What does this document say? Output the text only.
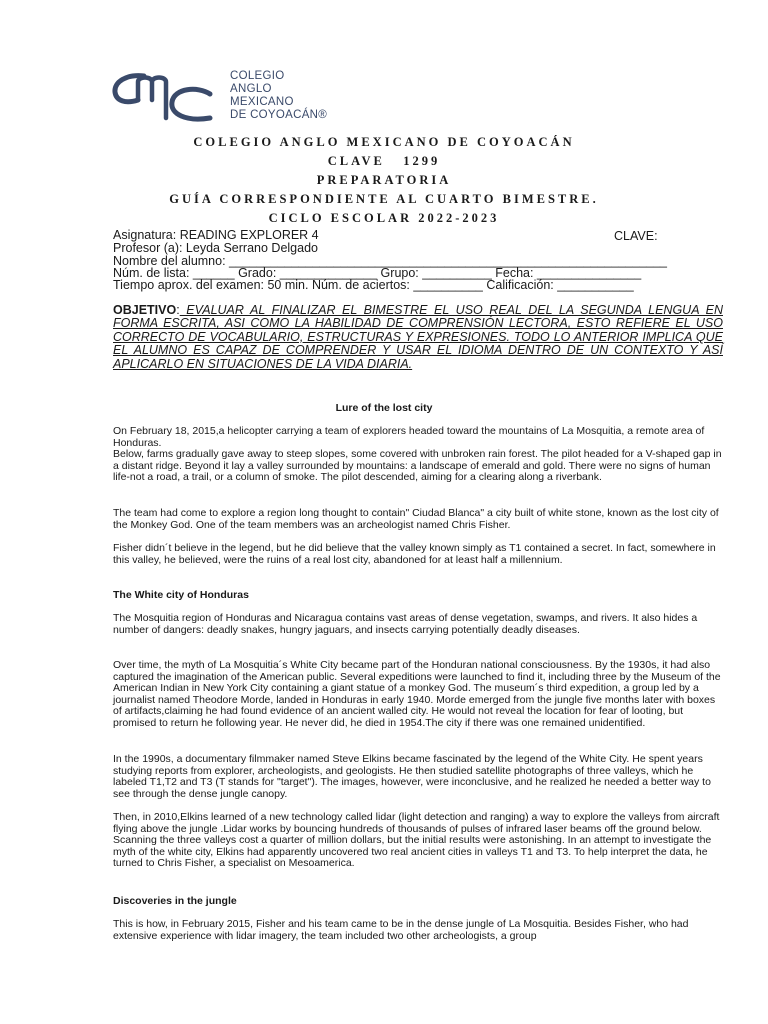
COLEGIO
ANGLO
MEXICANO
DE COYOACÁN®
COLEGIO ANGLO MEXICANO DE COYOACÁN
CLAVE   1299
PREPARATORIA
GUÍA CORRESPONDIENTE AL CUARTO BIMESTRE.
CICLO ESCOLAR 2022-2023
Asignatura: READING EXPLORER 4	CLAVE:
Profesor (a): Leyda Serrano Delgado
Nombre del alumno: _______________________________________________________________
Núm. de lista: ______ Grado: ______________ Grupo: __________ Fecha: _______________
Tiempo aprox. del examen: 50 min. Núm. de aciertos: __________ Calificación: ___________
OBJETIVO: EVALUAR AL FINALIZAR EL BIMESTRE EL USO REAL DEL LA SEGUNDA LENGUA EN FORMA ESCRITA, ASI COMO LA HABILIDAD DE COMPRENSIÓN LECTORA, ESTO REFIERE EL USO CORRECTO DE VOCABULARIO, ESTRUCTURAS Y EXPRESIONES. TODO LO ANTERIOR IMPLICA QUE EL ALUMNO ES CAPAZ DE COMPRENDER Y USAR EL IDIOMA DENTRO DE UN CONTEXTO Y ASÍ APLICARLO EN SITUACIONES DE LA VIDA DIARIA.
Lure of the lost city
On February 18, 2015,a helicopter carrying a team of explorers headed toward the mountains of La Mosquitia, a remote area of Honduras.
Below, farms gradually gave away to steep slopes, some covered with unbroken rain forest. The pilot headed for a V-shaped gap in a distant ridge. Beyond it lay a valley surrounded by mountains: a landscape of emerald and gold. There were no signs of human life-not a road, a trail, or a column of smoke. The pilot descended, aiming for a clearing along a riverbank.
The team had come to explore a region long thought to contain" Ciudad Blanca" a city built of white stone, known as the lost city of the Monkey God. One of the team members was an archeologist named Chris Fisher.
Fisher didn´t believe in the legend, but he did believe that the valley known simply as T1 contained a secret. In fact, somewhere in this valley, he believed, were the ruins of a real lost city, abandoned for at least half a millennium.
The White city of Honduras
The Mosquitia region of Honduras and Nicaragua contains vast areas of dense vegetation, swamps, and rivers. It also hides a number of dangers: deadly snakes, hungry jaguars, and insects carrying potentially deadly diseases.
Over time, the myth of La Mosquitia´s White City became part of the Honduran national consciousness. By the 1930s, it had also captured the imagination of the American public. Several expeditions were launched to find it, including three by the Museum of the American Indian in New York City containing a giant statue of a monkey God. The museum´s third expedition, a group led by a journalist named Theodore Morde, landed in Honduras in early 1940. Morde emerged from the jungle five months later with boxes of artifacts,claiming he had found evidence of an ancient walled city. He would not reveal the location for fear of looting, but promised to return he following year. He never did, he died in 1954.The city if there was one remained unidentified.
In the 1990s, a documentary filmmaker named Steve Elkins became fascinated by the legend of the White City. He spent years studying reports from explorer, archeologists, and geologists. He then studied satellite photographs of three valleys, which he labeled T1,T2 and T3 (T stands for "target"). The images, however, were inconclusive, and he realized he needed a better way to see through the dense jungle canopy.
Then, in 2010,Elkins learned of a new technology called lidar (light detection and ranging) a way to explore the valleys from aircraft flying above the jungle .Lidar works by bouncing hundreds of thousands of pulses of infrared laser beams off the ground below. Scanning the three valleys cost a quarter of million dollars, but the initial results were astonishing. In an attempt to investigate the myth of the white city, Elkins had apparently uncovered two real ancient cities in valleys T1 and T3. To help interpret the data, he turned to Chris Fisher, a specialist on Mesoamerica.
Discoveries in the jungle
This is how, in February 2015, Fisher and his team came to be in the dense jungle of La Mosquitia. Besides Fisher, who had extensive experience with lidar imagery, the team included two other archeologists, a group
